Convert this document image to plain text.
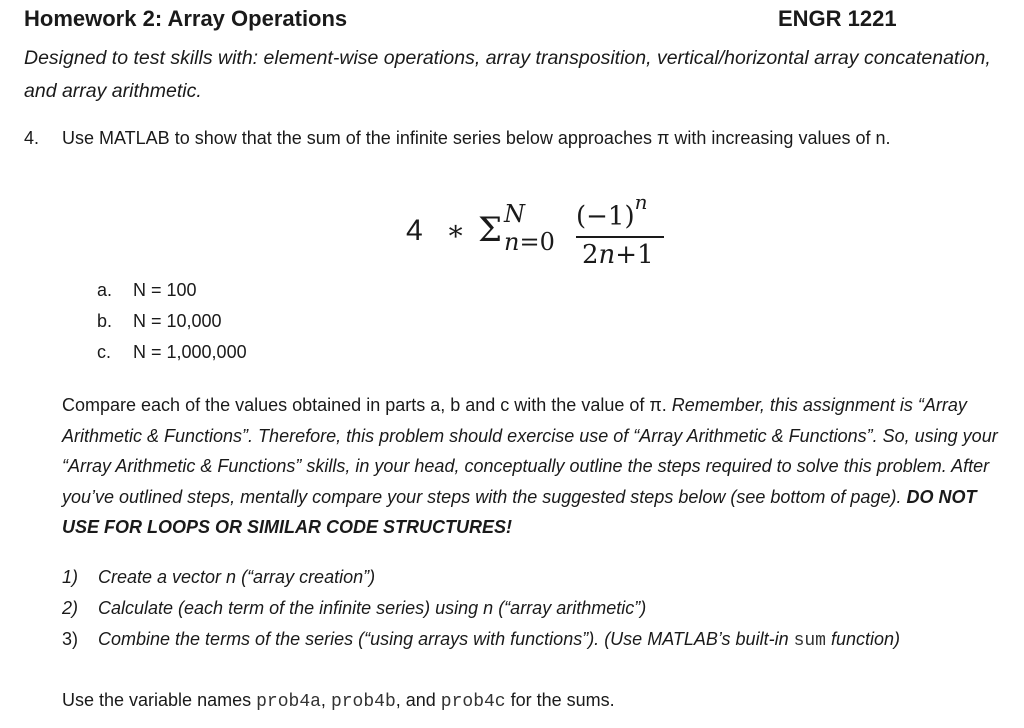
Homework 2: Array Operations	ENGR 1221
Designed to test skills with: element-wise operations, array transposition, vertical/horizontal array concatenation, and array arithmetic.
4. Use MATLAB to show that the sum of the infinite series below approaches π with increasing values of n.
4 ∗ Σ N
n=0
$(-1)^n$
2n+1
a. N = 100
b. N = 10,000
c. N = 1,000,000
Compare each of the values obtained in parts a, b and c with the value of π. Remember, this assignment is “Array Arithmetic & Functions”. Therefore, this problem should exercise use of “Array Arithmetic & Functions”. So, using your “Array Arithmetic & Functions” skills, in your head, conceptually outline the steps required to solve this problem. After you’ve outlined steps, mentally compare your steps with the suggested steps below (see bottom of page). DO NOT USE FOR LOOPS OR SIMILAR CODE STRUCTURES!
1) Create a vector n (“array creation”)
2) Calculate (each term of the infinite series) using n (“array arithmetic”)
3) Combine the terms of the series (“using arrays with functions”). (Use MATLAB’s built-in sum function)
Use the variable names prob4a, prob4b, and prob4c for the sums.
